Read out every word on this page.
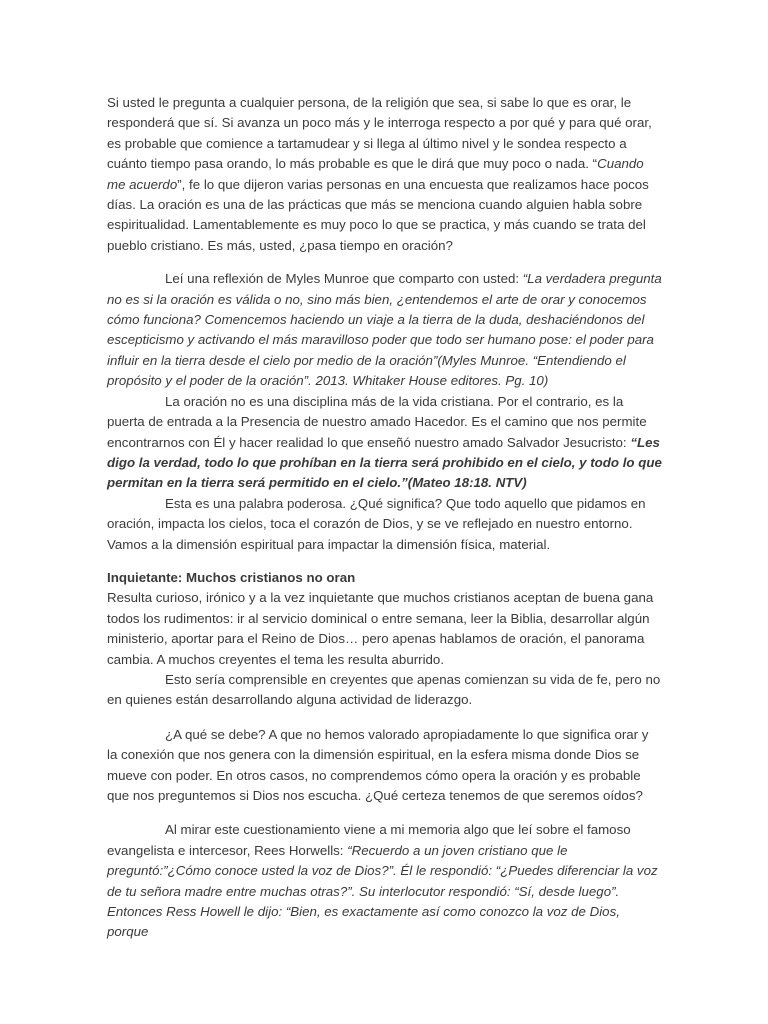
Si usted le pregunta a cualquier persona, de la religión que sea, si sabe lo que es orar, le responderá que sí. Si avanza un poco más y le interroga respecto a por qué y para qué orar, es probable que comience a tartamudear y si llega al último nivel y le sondea respecto a cuánto tiempo pasa orando, lo más probable es que le dirá que muy poco o nada. “Cuando me acuerdo”, fe lo que dijeron varias personas en una encuesta que realizamos hace pocos días. La oración es una de las prácticas que más se menciona cuando alguien habla sobre espiritualidad. Lamentablemente es muy poco lo que se practica, y más cuando se trata del pueblo cristiano. Es más, usted, ¿pasa tiempo en oración?

Leí una reflexión de Myles Munroe que comparto con usted: “La verdadera pregunta no es si la oración es válida o no, sino más bien, ¿entendemos el arte de orar y conocemos cómo funciona? Comencemos haciendo un viaje a la tierra de la duda, deshaciéndonos del escepticismo y activando el más maravilloso poder que todo ser humano pose: el poder para influir en la tierra desde el cielo por medio de la oración”(Myles Munroe. “Entendiendo el propósito y el poder de la oración”. 2013. Whitaker House editores. Pg. 10)

La oración no es una disciplina más de la vida cristiana. Por el contrario, es la puerta de entrada a la Presencia de nuestro amado Hacedor. Es el camino que nos permite encontrarnos con Él y hacer realidad lo que enseñó nuestro amado Salvador Jesucristo: “Les digo la verdad, todo lo que prohíban en la tierra será prohibido en el cielo, y todo lo que permitan en la tierra será permitido en el cielo.”(Mateo 18:18. NTV)

Esta es una palabra poderosa. ¿Qué significa? Que todo aquello que pidamos en oración, impacta los cielos, toca el corazón de Dios, y se ve reflejado en nuestro entorno. Vamos a la dimensión espiritual para impactar la dimensión física, material.

Inquietante: Muchos cristianos no oran

Resulta curioso, irónico y a la vez inquietante que muchos cristianos aceptan de buena gana todos los rudimentos: ir al servicio dominical o entre semana, leer la Biblia, desarrollar algún ministerio, aportar para el Reino de Dios… pero apenas hablamos de oración, el panorama cambia. A muchos creyentes el tema les resulta aburrido.

Esto sería comprensible en creyentes que apenas comienzan su vida de fe, pero no en quienes están desarrollando alguna actividad de liderazgo.

¿A qué se debe? A que no hemos valorado apropiadamente lo que significa orar y la conexión que nos genera con la dimensión espiritual, en la esfera misma donde Dios se mueve con poder. En otros casos, no comprendemos cómo opera la oración y es probable que nos preguntemos si Dios nos escucha. ¿Qué certeza tenemos de que seremos oídos?

Al mirar este cuestionamiento viene a mi memoria algo que leí sobre el famoso evangelista e intercesor, Rees Horwells: “Recuerdo a un joven cristiano que le preguntó:”¿Cómo conoce usted la voz de Dios?”. Él le respondió: “¿Puedes diferenciar la voz de tu señora madre entre muchas otras?”. Su interlocutor respondió: “Sí, desde luego”. Entonces Ress Howell le dijo: “Bien, es exactamente así como conozco la voz de Dios, porque
